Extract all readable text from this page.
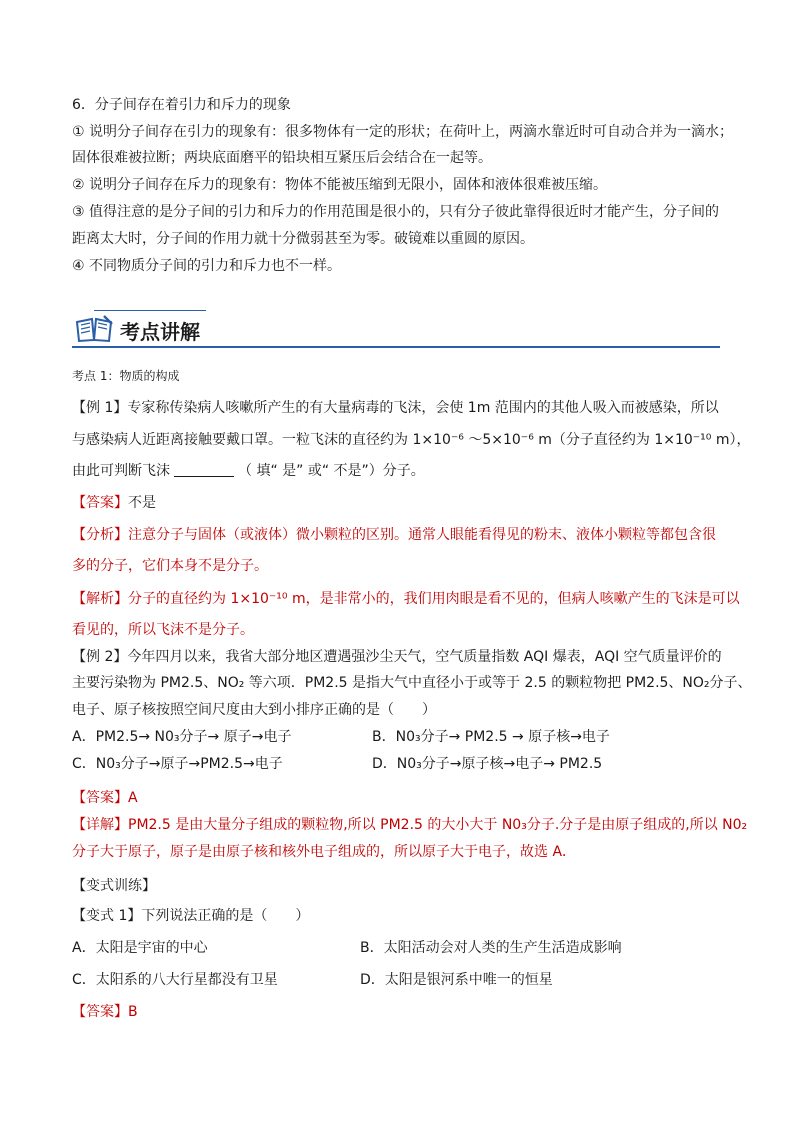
6．分子间存在着引力和斥力的现象
① 说明分子间存在引力的现象有：很多物体有一定的形状；在荷叶上，两滴水靠近时可自动合并为一滴水；
固体很难被拉断；两块底面磨平的铅块相互紧压后会结合在一起等。
② 说明分子间存在斥力的现象有：物体不能被压缩到无限小，固体和液体很难被压缩。
③ 值得注意的是分子间的引力和斥力的作用范围是很小的，只有分子彼此靠得很近时才能产生，分子间的
距离太大时，分子间的作用力就十分微弱甚至为零。破镜难以重圆的原因。
④ 不同物质分子间的引力和斥力也不一样。
考点讲解
考点 1：物质的构成
【例 1】专家称传染病人咳嗽所产生的有大量病毒的飞沫，会使 1m 范围内的其他人吸入而被感染，所以
与感染病人近距离接触要戴口罩。一粒飞沫的直径约为 1×10⁻⁶ ～5×10⁻⁶ m（分子直径约为 1×10⁻¹⁰ m），
由此可判断飞沫	（ 填“ 是” 或“ 不是”）分子。
【答案】不是
【分析】注意分子与固体（或液体）微小颗粒的区别。通常人眼能看得见的粉末、液体小颗粒等都包含很
多的分子，它们本身不是分子。
【解析】分子的直径约为 1×10⁻¹⁰ m，是非常小的，我们用肉眼是看不见的，但病人咳嗽产生的飞沫是可以
看见的，所以飞沫不是分子。
【例 2】今年四月以来，我省大部分地区遭遇强沙尘天气，空气质量指数 AQI 爆表，AQI 空气质量评价的
主要污染物为 PM2.5、NO₂ 等六项．PM2.5 是指大气中直径小于或等于 2.5 的颗粒物把 PM2.5、NO₂分子、
电子、原子核按照空间尺度由大到小排序正确的是（　　）
A．PM2.5→ N0₃分子→ 原子→电子	B．N0₃分子→ PM2.5 → 原子核→电子
C．N0₃分子→原子→PM2.5→电子	D．N0₃分子→原子核→电子→ PM2.5
【答案】A
【详解】PM2.5 是由大量分子组成的颗粒物,所以 PM2.5 的大小大于 N0₃分子.分子是由原子组成的,所以 N0₂
分子大于原子，原子是由原子核和核外电子组成的，所以原子大于电子，故选 A．
【变式训练】
【变式 1】下列说法正确的是（　　）
A．太阳是宇宙的中心	B．太阳活动会对人类的生产生活造成影响
C．太阳系的八大行星都没有卫星	D．太阳是银河系中唯一的恒星
【答案】B
